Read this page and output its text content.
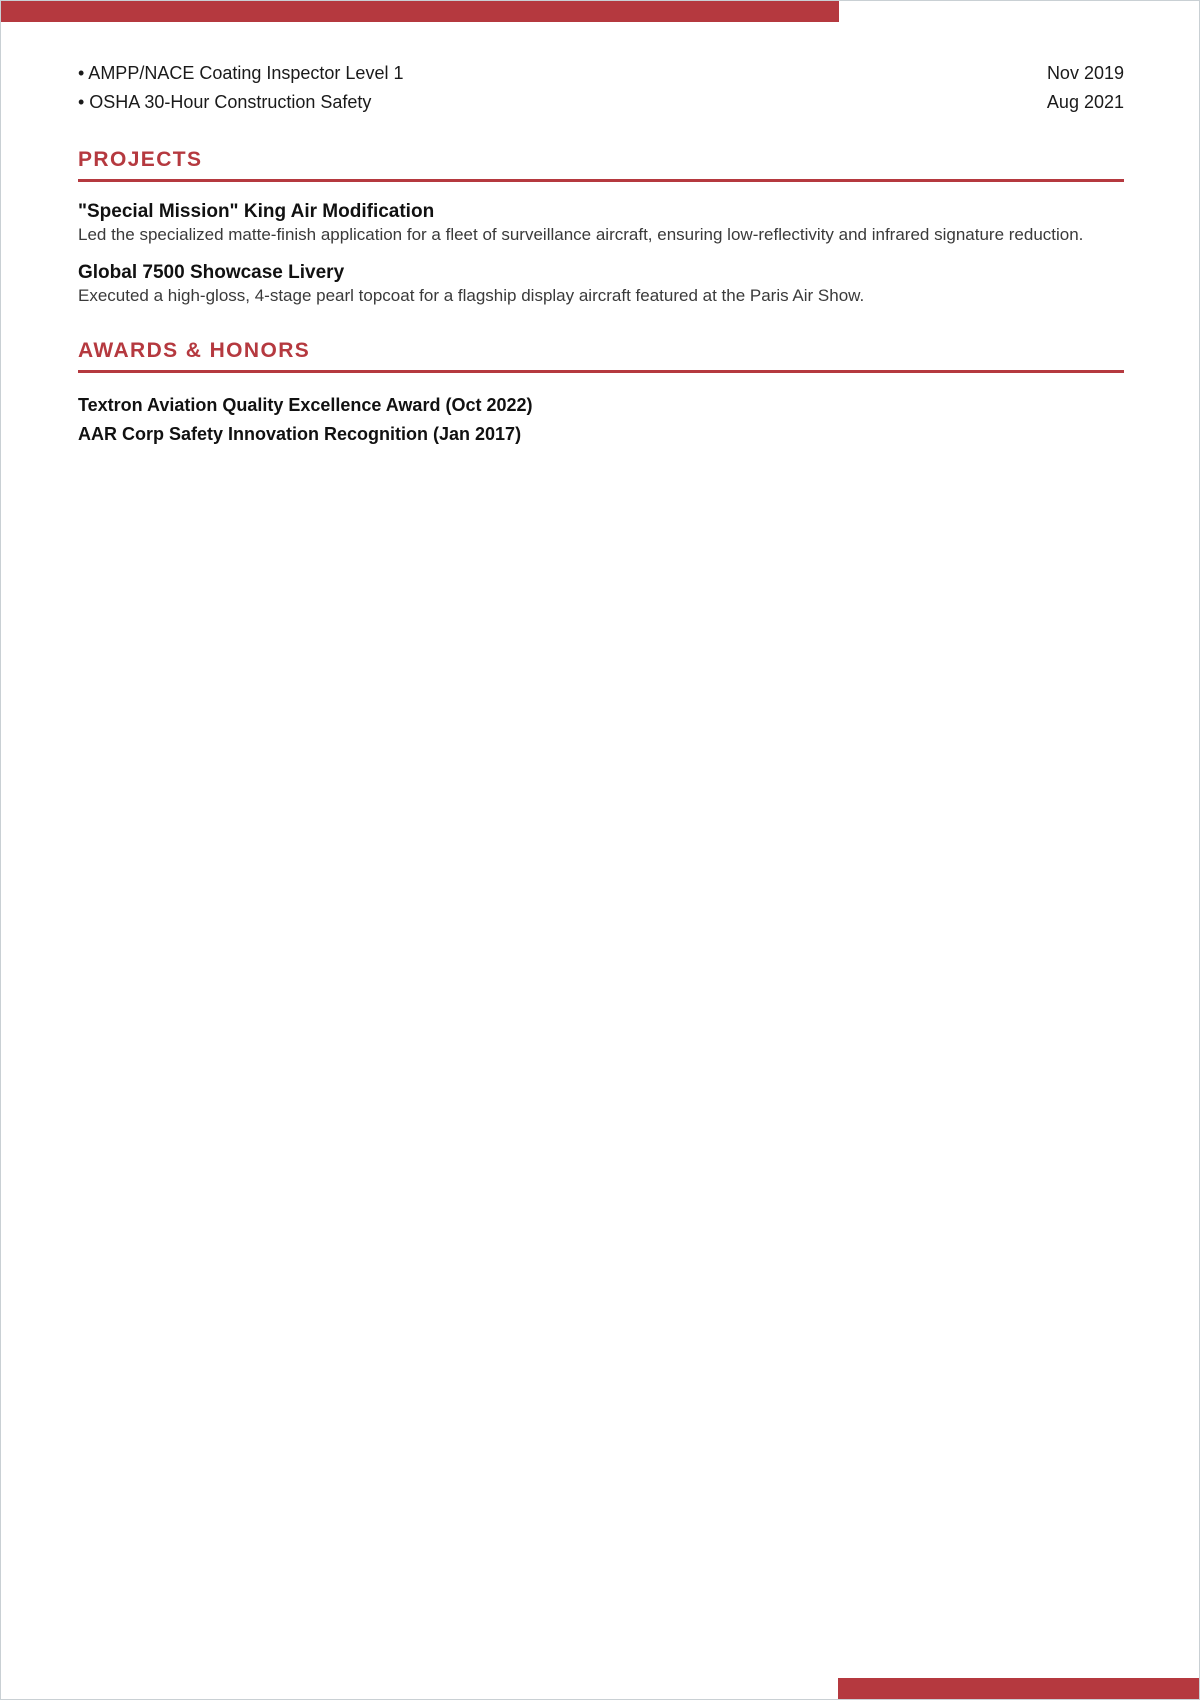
• AMPP/NACE Coating Inspector Level 1	Nov 2019
• OSHA 30-Hour Construction Safety	Aug 2021
PROJECTS
"Special Mission" King Air Modification
Led the specialized matte-finish application for a fleet of surveillance aircraft, ensuring low-reflectivity and infrared signature reduction.
Global 7500 Showcase Livery
Executed a high-gloss, 4-stage pearl topcoat for a flagship display aircraft featured at the Paris Air Show.
AWARDS & HONORS
Textron Aviation Quality Excellence Award (Oct 2022)
AAR Corp Safety Innovation Recognition (Jan 2017)
